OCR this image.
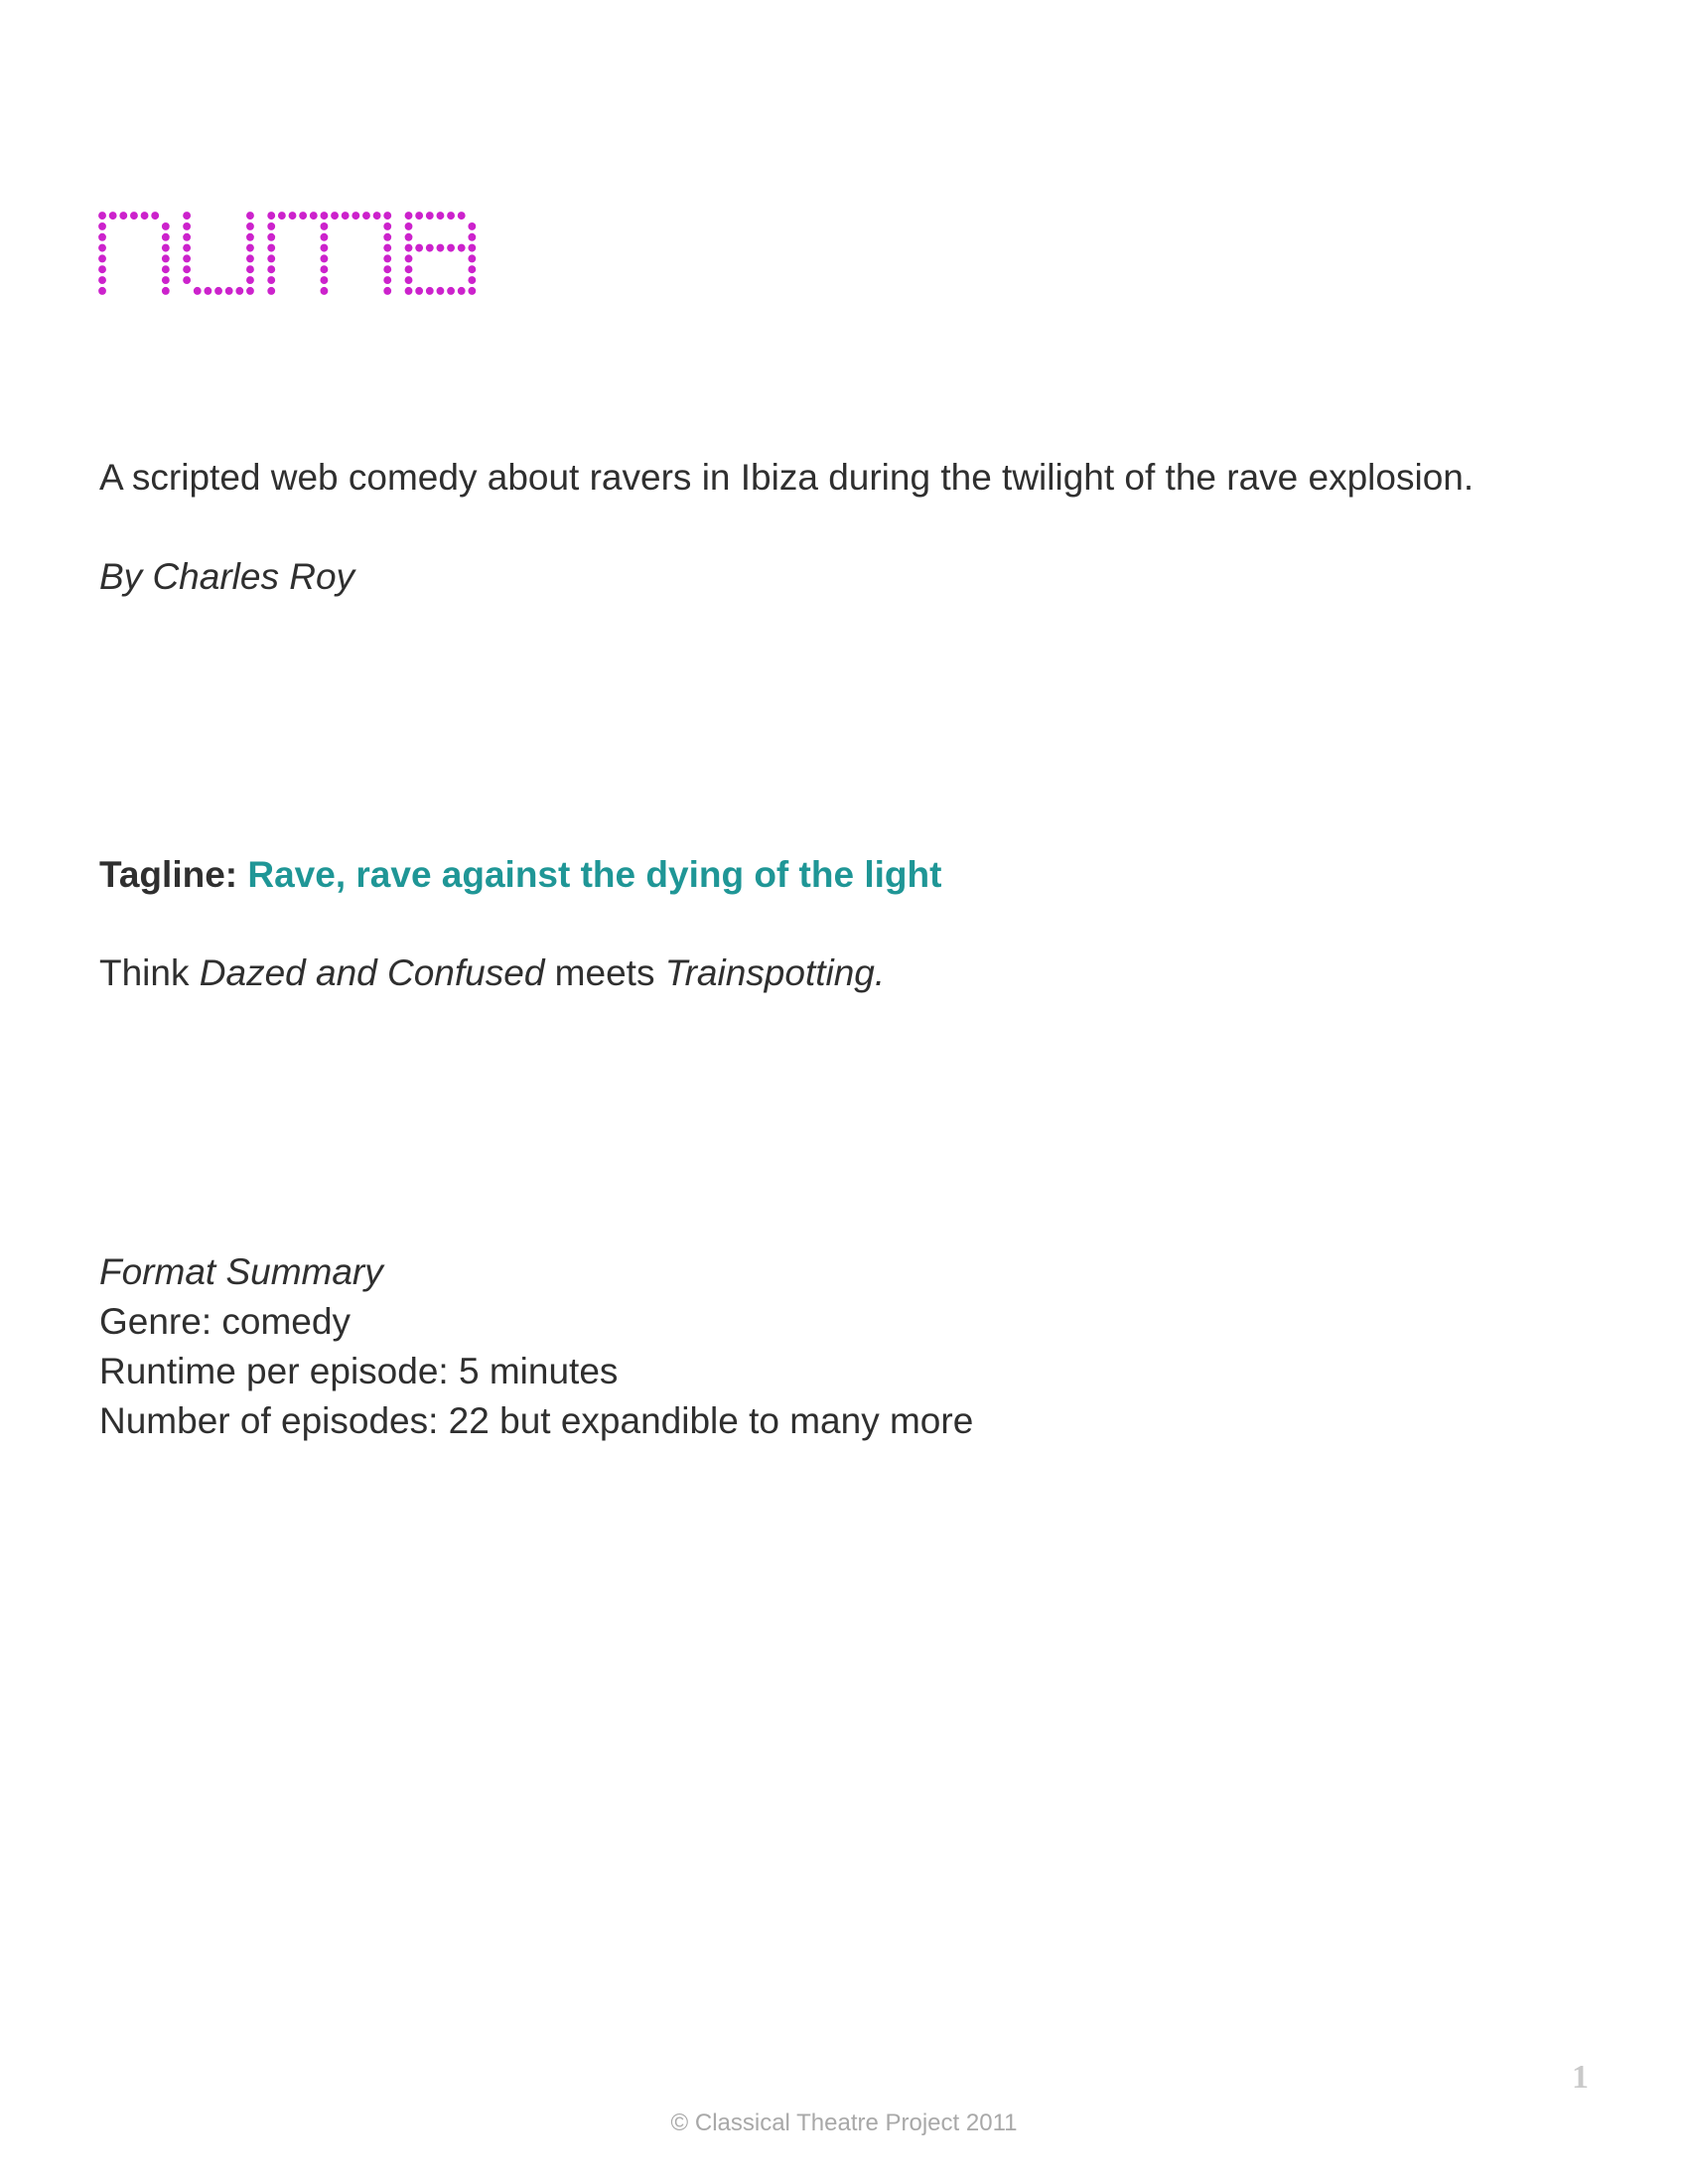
A scripted web comedy about ravers in Ibiza during the twilight of the rave explosion.

By Charles Roy

Tagline: Rave, rave against the dying of the light

Think Dazed and Confused meets Trainspotting.

Format Summary

Genre: comedy

Runtime per episode: 5 minutes

Number of episodes: 22 but expandible to many more

1
© Classical Theatre Project 2011
